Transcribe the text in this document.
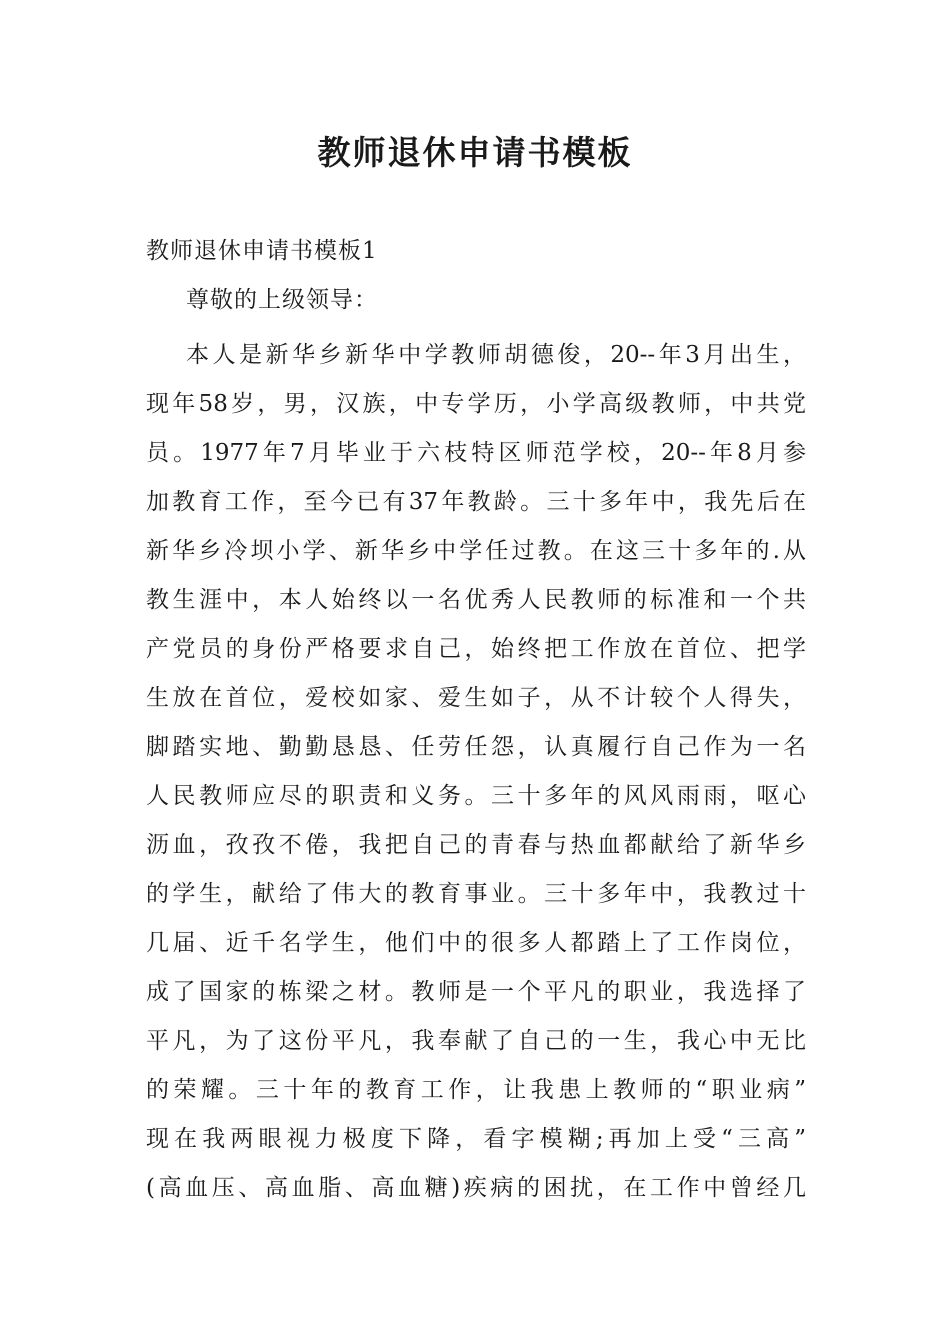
教师退休申请书模板
教师退休申请书模板1
尊敬的上级领导：
本人是新华乡新华中学教师胡德俊，20--年3月出生，
现年58岁，男，汉族，中专学历，小学高级教师，中共党
员。1977年7月毕业于六枝特区师范学校，20--年8月参
加教育工作，至今已有37年教龄。三十多年中，我先后在
新华乡冷坝小学、新华乡中学任过教。在这三十多年的.从
教生涯中，本人始终以一名优秀人民教师的标准和一个共
产党员的身份严格要求自己，始终把工作放在首位、把学
生放在首位，爱校如家、爱生如子，从不计较个人得失，
脚踏实地、勤勤恳恳、任劳任怨，认真履行自己作为一名
人民教师应尽的职责和义务。三十多年的风风雨雨，呕心
沥血，孜孜不倦，我把自己的青春与热血都献给了新华乡
的学生，献给了伟大的教育事业。三十多年中，我教过十
几届、近千名学生，他们中的很多人都踏上了工作岗位，
成了国家的栋梁之材。教师是一个平凡的职业，我选择了
平凡，为了这份平凡，我奉献了自己的一生，我心中无比
的荣耀。三十年的教育工作，让我患上教师的“职业病”
现在我两眼视力极度下降，看字模糊;再加上受“三高”
(高血压、高血脂、高血糖)疾病的困扰，在工作中曾经几
